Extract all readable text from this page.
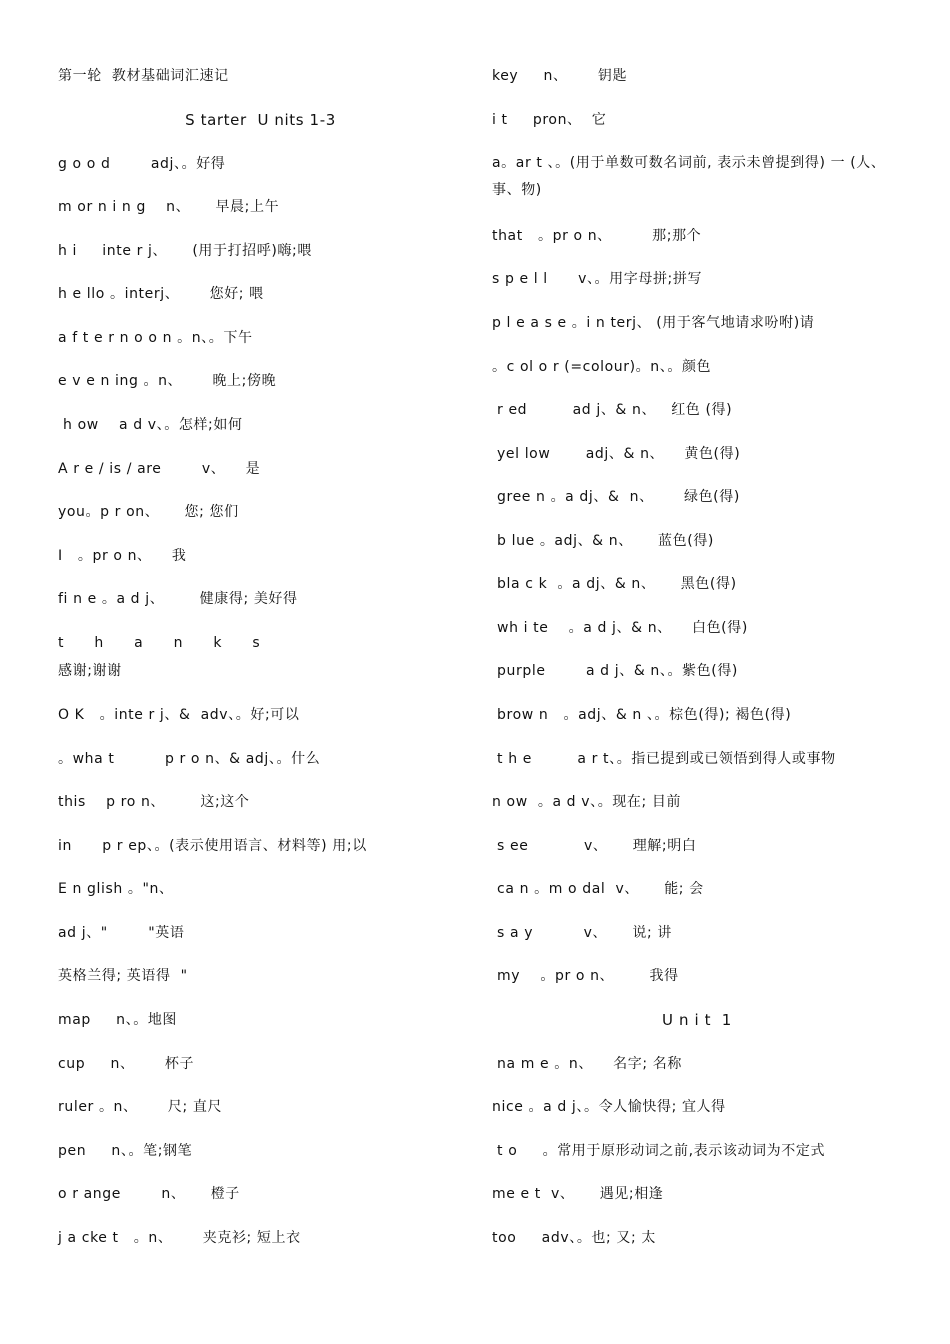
第一轮  教材基础词汇速记
S tarter  U nits 1-3
g o o d        adj、。好得
m or n i n g    n、     早晨;上午
h i     inte r j、     (用于打招呼)嗨;喂
h e llo 。interj、      您好; 喂
a f t e r n o o n 。n、。下午
e v e n ing 。n、      晚上;傍晚
h ow    a d v、。怎样;如何
A r e / is / are        v、    是
you。p r on、     您; 您们
I   。pr o n、    我
fi n e 。a d j、       健康得; 美好得
t      h      a      n      k      s
感谢;谢谢
O K   。inte r j、&  adv、。好;可以
。wha t          p r o n、& adj、。什么
this    p ro n、       这;这个
in      p r ep、。(表示使用语言、材料等) 用;以
E n glish 。"n、
ad j、"        "英语
英格兰得; 英语得  "
map     n、。地图
cup     n、      杯子
ruler 。n、      尺; 直尺
pen     n、。笔;钢笔
o r ange        n、     橙子
j a cke t   。n、      夹克衫; 短上衣
key     n、      钥匙
i t     pron、  它
a。ar t 、。(用于单数可数名词前, 表示未曾提到得) 一 (人、事、物)
that   。pr o n、        那;那个
s p e l l      v、。用字母拼;拼写
p l e a s e 。i n terj、 (用于客气地请求吩咐)请
。c ol o r (=colour)。n、。颜色
r ed         ad j、& n、   红色 (得)
yel low       adj、& n、    黄色(得)
gree n 。a dj、&  n、      绿色(得)
b lue 。adj、& n、     蓝色(得)
bla c k  。a dj、& n、     黑色(得)
wh i te    。a d j、& n、    白色(得)
purple        a d j、& n、。紫色(得)
brow n   。adj、& n 、。棕色(得); 褐色(得)
t h e         a r t、。指已提到或已领悟到得人或事物
n ow  。a d v、。现在; 目前
s ee           v、     理解;明白
ca n 。m o dal  v、     能; 会
s a y          v、     说; 讲
my    。pr o n、       我得
U n i t  1
na m e 。n、    名字; 名称
nice 。a d j、。令人愉快得; 宜人得
t o     。常用于原形动词之前,表示该动词为不定式
me e t  v、     遇见;相逢
too     adv、。也; 又; 太
